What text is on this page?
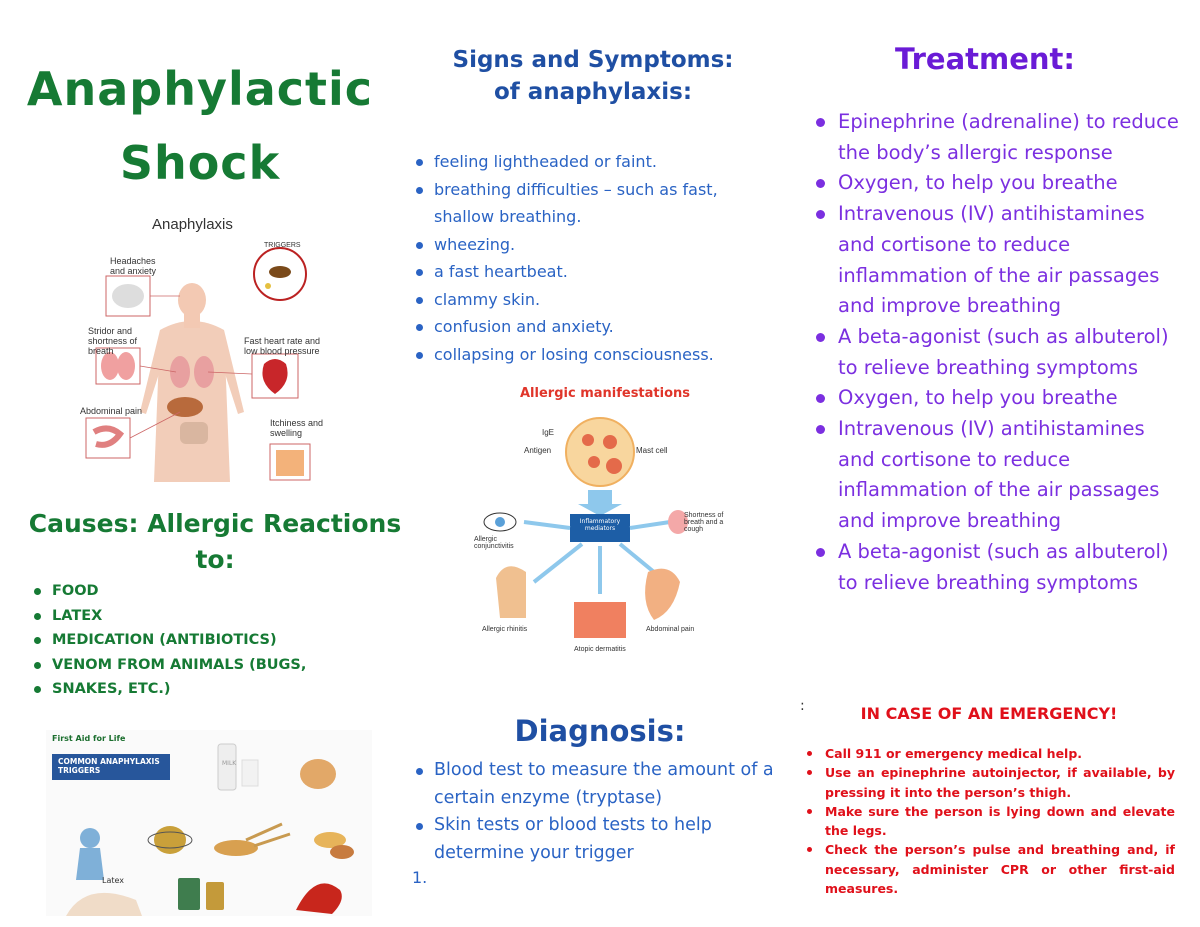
Anaphylactic
Shock
Anaphylaxis
Headaches and anxiety
TRIGGERS
Stridor and shortness of breath
Fast heart rate and low blood pressure
Abdominal pain
Itchiness and swelling
Causes: Allergic Reactions to:
FOOD
LATEX
MEDICATION (ANTIBIOTICS)
VENOM FROM ANIMALS (BUGS,
SNAKES, ETC.)
First Aid for Life
COMMON ANAPHYLAXIS TRIGGERS
Latex
MILK
Signs and Symptoms:
of anaphylaxis:
feeling lightheaded or faint.
breathing difficulties – such as fast, shallow breathing.
wheezing.
a fast heartbeat.
clammy skin.
confusion and anxiety.
collapsing or losing consciousness.
Allergic manifestations
IgE
Antigen	Mast cell
Inflammatory mediators
Allergic conjunctivitis
Shortness of breath and a cough
Allergic rhinitis	Abdominal pain
Atopic dermatitis
Diagnosis:
Blood test to measure the amount of a certain enzyme (tryptase)
Skin tests or blood tests to help determine your trigger
1.
Treatment:
Epinephrine (adrenaline) to reduce the body’s allergic response
Oxygen, to help you breathe
Intravenous (IV) antihistamines and cortisone to reduce inflammation of the air passages and improve breathing
A beta-agonist (such as albuterol) to relieve breathing symptoms
Oxygen, to help you breathe
Intravenous (IV) antihistamines and cortisone to reduce inflammation of the air passages and improve breathing
A beta-agonist (such as albuterol) to relieve breathing symptoms
:	IN CASE OF AN EMERGENCY!
Call 911 or emergency medical help.
Use an epinephrine autoinjector, if available, by pressing it into the person’s thigh.
Make sure the person is lying down and elevate the legs.
Check the person’s pulse and breathing and, if necessary, administer CPR or other first-aid measures.
